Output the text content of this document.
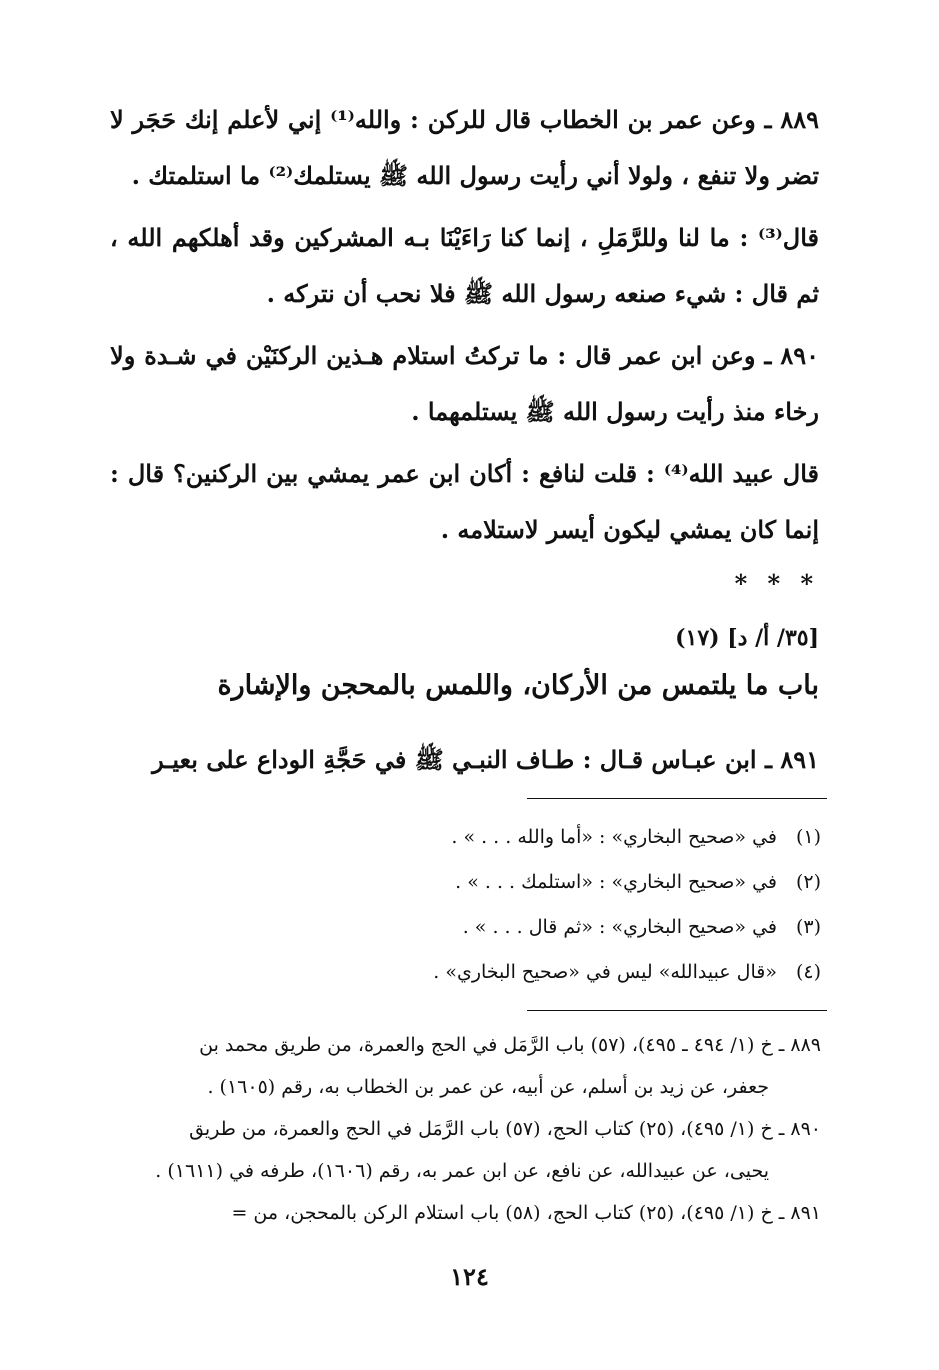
٨٨٩ ـ وعن عمر بن الخطاب قال للركن : والله⁽¹⁾ إني لأعلم إنك حَجَر لا تضر ولا تنفع ، ولولا أني رأيت رسول الله ﷺ يستلمك⁽²⁾ ما استلمتك .

قال⁽³⁾ : ما لنا وللرَّمَلِ ، إنما كنا رَاءَيْنَا بـه المشركين وقد أهلكهم الله ، ثم قال : شيء صنعه رسول الله ﷺ فلا نحب أن نتركه .

٨٩٠ ـ وعن ابن عمر قال : ما تركتُ استلام هـذين الركنَيْن في شـدة ولا رخاء منذ رأيت رسول الله ﷺ يستلمهما .

قال عبيد الله⁽⁴⁾ : قلت لنافع : أكان ابن عمر يمشي بين الركنين؟ قال : إنما كان يمشي ليكون أيسر لاستلامه .

* * *

[٣٥/ أ/ د] (١٧)

باب ما يلتمس من الأركان، واللمس بالمحجن والإشارة

٨٩١ ـ ابن عبـاس قـال : طـاف النبـي ﷺ في حَجَّةِ الوداع على بعيـر

(١)في «صحيح البخاري» : «أما والله . . . » .
(٢)في «صحيح البخاري» : «استلمك . . . » .
(٣)في «صحيح البخاري» : «ثم قال . . . » .
(٤)«قال عبيدالله» ليس في «صحيح البخاري» .

٨٨٩ ـ خ (١/ ٤٩٤ ـ ٤٩٥)، (٥٧) باب الرَّمَل في الحج والعمرة، من طريق محمد بن
جعفر، عن زيد بن أسلم، عن أبيه، عن عمر بن الخطاب به، رقم (١٦٠٥) .

٨٩٠ ـ خ (١/ ٤٩٥)، (٢٥) كتاب الحج، (٥٧) باب الرَّمَل في الحج والعمرة، من طريق
يحيى، عن عبيدالله، عن نافع، عن ابن عمر به، رقم (١٦٠٦)، طرفه في (١٦١١) .

٨٩١ ـ خ (١/ ٤٩٥)، (٢٥) كتاب الحج، (٥٨) باب استلام الركن بالمحجن، من =

١٢٤
